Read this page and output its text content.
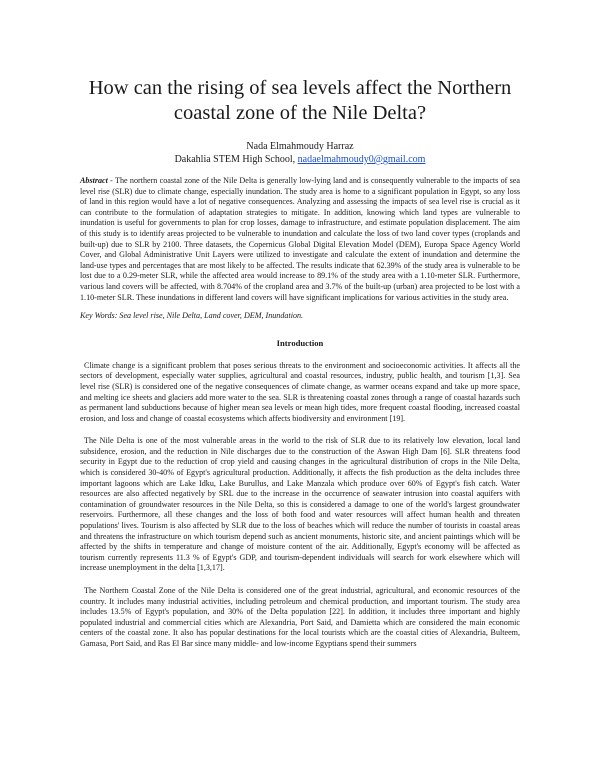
How can the rising of sea levels affect the Northern coastal zone of the Nile Delta?

Nada Elmahmoudy Harraz

Dakahlia STEM High School, nadaelmahmoudy0@gmail.com

Abstract - The northern coastal zone of the Nile Delta is generally low-lying land and is consequently vulnerable to the impacts of sea level rise (SLR) due to climate change, especially inundation. The study area is home to a significant population in Egypt, so any loss of land in this region would have a lot of negative consequences. Analyzing and assessing the impacts of sea level rise is crucial as it can contribute to the formulation of adaptation strategies to mitigate. In addition, knowing which land types are vulnerable to inundation is useful for governments to plan for crop losses, damage to infrastructure, and estimate population displacement. The aim of this study is to identify areas projected to be vulnerable to inundation and calculate the loss of two land cover types (croplands and built-up) due to SLR by 2100. Three datasets, the Copernicus Global Digital Elevation Model (DEM), Europa Space Agency World Cover, and Global Administrative Unit Layers were utilized to investigate and calculate the extent of inundation and determine the land-use types and percentages that are most likely to be affected. The results indicate that 62.39% of the study area is vulnerable to be lost due to a 0.29-meter SLR, while the affected area would increase to 89.1% of the study area with a 1.10-meter SLR. Furthermore, various land covers will be affected, with 8.704% of the cropland area and 3.7% of the built-up (urban) area projected to be lost with a 1.10-meter SLR. These inundations in different land covers will have significant implications for various activities in the study area.

Key Words: Sea level rise, Nile Delta, Land cover, DEM, Inundation.

Introduction

Climate change is a significant problem that poses serious threats to the environment and socioeconomic activities. It affects all the sectors of development, especially water supplies, agricultural and coastal resources, industry, public health, and tourism [1,3]. Sea level rise (SLR) is considered one of the negative consequences of climate change, as warmer oceans expand and take up more space, and melting ice sheets and glaciers add more water to the sea. SLR is threatening coastal zones through a range of coastal hazards such as permanent land subductions because of higher mean sea levels or mean high tides, more frequent coastal flooding, increased coastal erosion, and loss and change of coastal ecosystems which affects biodiversity and environment [19].

The Nile Delta is one of the most vulnerable areas in the world to the risk of SLR due to its relatively low elevation, local land subsidence, erosion, and the reduction in Nile discharges due to the construction of the Aswan High Dam [6]. SLR threatens food security in Egypt due to the reduction of crop yield and causing changes in the agricultural distribution of crops in the Nile Delta, which is considered 30-40% of Egypt's agricultural production. Additionally, it affects the fish production as the delta includes three important lagoons which are Lake Idku, Lake Burullus, and Lake Manzala which produce over 60% of Egypt's fish catch. Water resources are also affected negatively by SRL due to the increase in the occurrence of seawater intrusion into coastal aquifers with contamination of groundwater resources in the Nile Delta, so this is considered a damage to one of the world's largest groundwater reservoirs. Furthermore, all these changes and the loss of both food and water resources will affect human health and threaten populations' lives. Tourism is also affected by SLR due to the loss of beaches which will reduce the number of tourists in coastal areas and threatens the infrastructure on which tourism depend such as ancient monuments, historic site, and ancient paintings which will be affected by the shifts in temperature and change of moisture content of the air. Additionally, Egypt's economy will be affected as tourism currently represents 11.3 % of Egypt's GDP, and tourism-dependent individuals will search for work elsewhere which will increase unemployment in the delta [1,3,17].

The Northern Coastal Zone of the Nile Delta is considered one of the great industrial, agricultural, and economic resources of the country. It includes many industrial activities, including petroleum and chemical production, and important tourism. The study area includes 13.5% of Egypt's population, and 30% of the Delta population [22]. In addition, it includes three important and highly populated industrial and commercial cities which are Alexandria, Port Said, and Damietta which are considered the main economic centers of the coastal zone. It also has popular destinations for the local tourists which are the coastal cities of Alexandria, Bulteem, Gamasa, Port Said, and Ras El Bar since many middle- and low-income Egyptians spend their summers
